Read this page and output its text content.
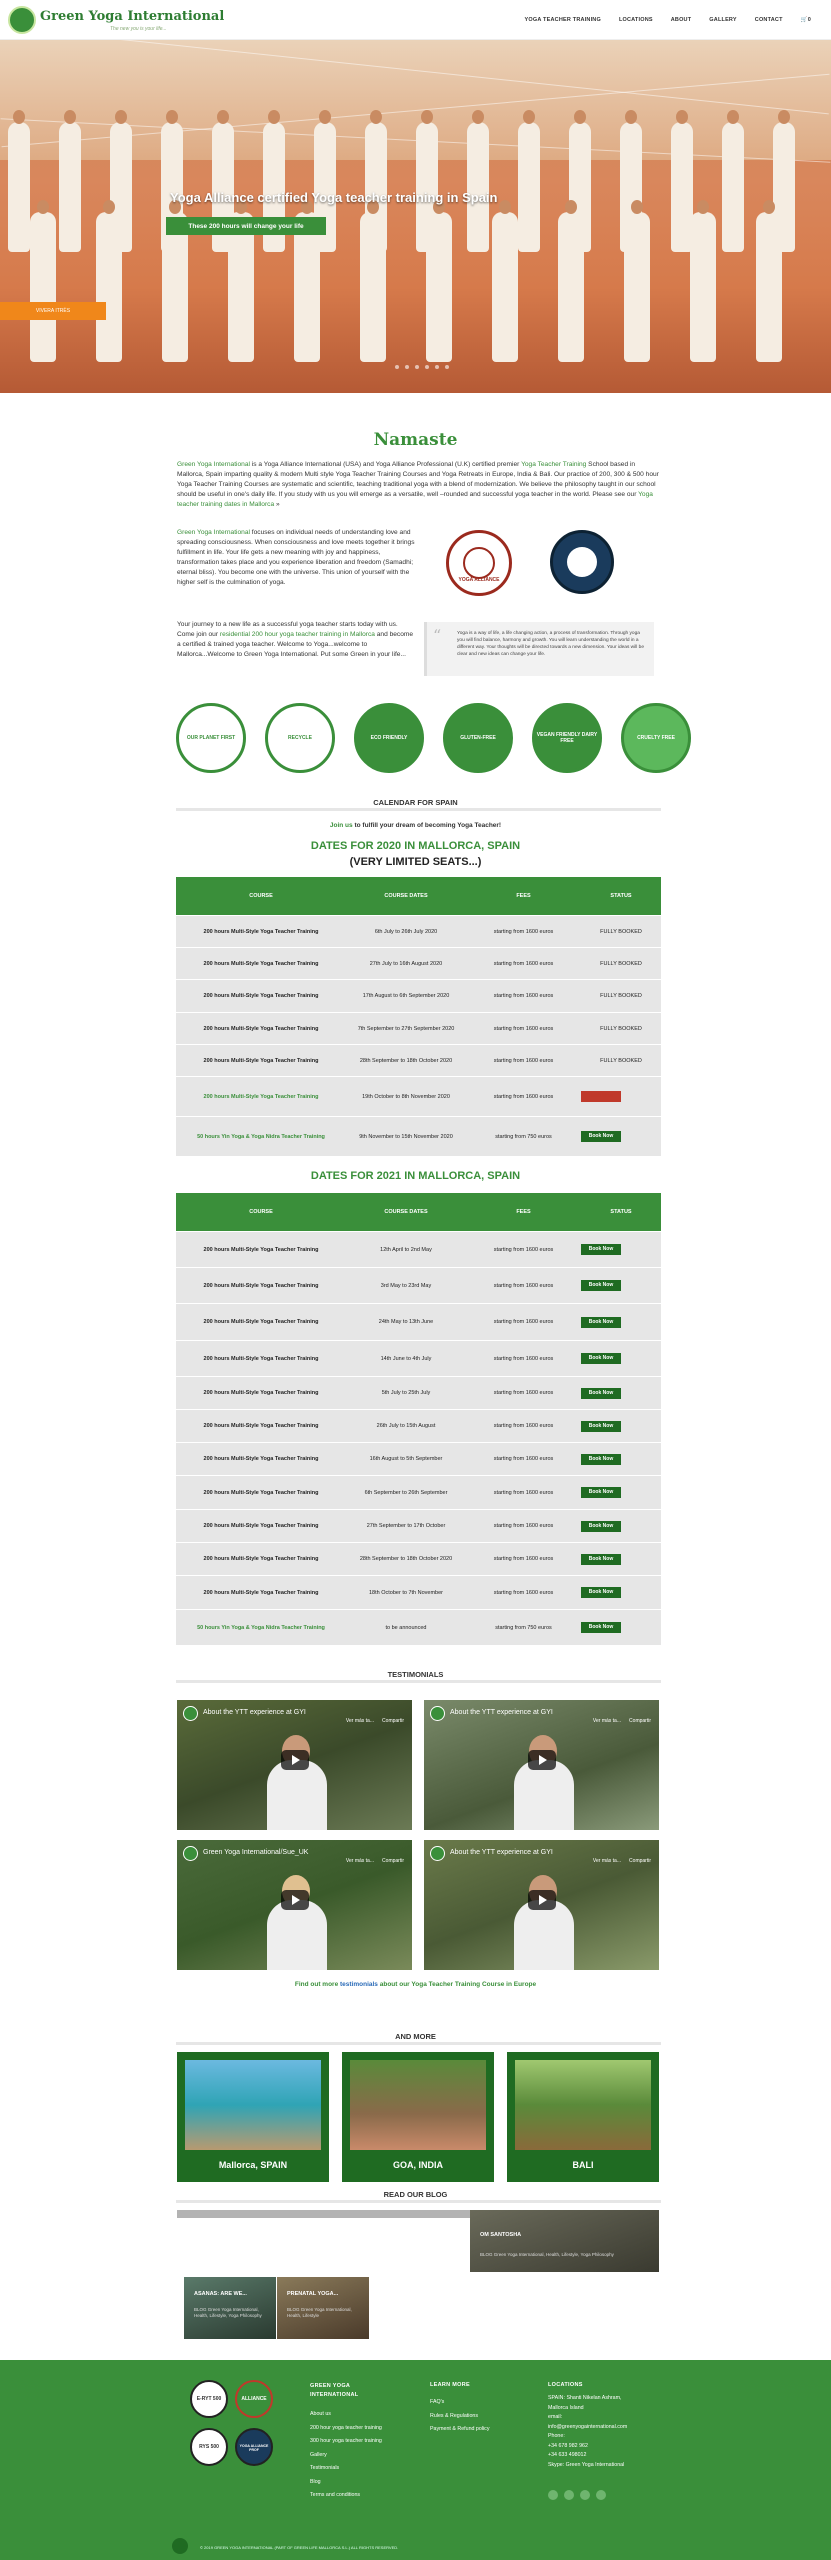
Green Yoga International
The new you is your life...
YOGA TEACHER TRAINING	LOCATIONS	ABOUT	GALLERY	CONTACT	🛒0
Yoga Alliance certified Yoga teacher training in Spain
These 200 hours will change your life
VIVERA ITRÈS
Namaste
Green Yoga International is a Yoga Alliance International (USA) and Yoga Alliance Professional (U.K) certified premier Yoga Teacher Training School based in Mallorca, Spain imparting quality & modern Multi style Yoga Teacher Training Courses and Yoga Retreats in Europe, India & Bali. Our practice of 200, 300 & 500 hour Yoga Teacher Training Courses are systematic and scientific, teaching traditional yoga with a blend of modernization. We believe the philosophy taught in our school should be useful in one's daily life. If you study with us you will emerge as a versatile, well –rounded and successful yoga teacher in the world. Please see our Yoga teacher training dates in Mallorca »
Green Yoga International focuses on individual needs of understanding love and spreading consciousness. When consciousness and love meets together it brings fulfillment in life. Your life gets a new meaning with joy and happiness, transformation takes place and you experience liberation and freedom (Samadhi; eternal bliss). You become one with the universe. This union of yourself with the higher self is the culmination of yoga.
Your journey to a new life as a successful yoga teacher starts today with us. Come join our residential 200 hour yoga teacher training in Mallorca and become a certified & trained yoga teacher. Welcome to Yoga...welcome to Mallorca...Welcome to Green Yoga International. Put some Green in your life...
YOGA ALLIANCE
“	Yoga is a way of life, a life changing action, a process of transformation. Through yoga you will find balance, harmony and growth. You will learn understanding the world in a different way. Your thoughts will be directed towards a new dimension. Your ideas will be clear and new ideas can change your life.
OUR PLANET FIRST	RECYCLE	ECO FRIENDLY	GLUTEN-FREE	VEGAN FRIENDLY DAIRY FREE	CRUELTY FREE
CALENDAR FOR SPAIN
Join us to fulfill your dream of becoming Yoga Teacher!
DATES FOR 2020 IN MALLORCA, SPAIN
(VERY LIMITED SEATS...)
COURSE	COURSE DATES	FEES	STATUS
200 hours Multi-Style Yoga Teacher Training	6th July to 26th July 2020	starting from 1600 euros	FULLY BOOKED
200 hours Multi-Style Yoga Teacher Training	27th July to 16th August 2020	starting from 1600 euros	FULLY BOOKED
200 hours Multi-Style Yoga Teacher Training	17th August to 6th September 2020	starting from 1600 euros	FULLY BOOKED
200 hours Multi-Style Yoga Teacher Training	7th September to 27th September 2020	starting from 1600 euros	FULLY BOOKED
200 hours Multi-Style Yoga Teacher Training	28th September to 18th October 2020	starting from 1600 euros	FULLY BOOKED
200 hours Multi-Style Yoga Teacher Training	19th October to 8th November 2020	starting from 1600 euros	Book Now
50 hours Yin Yoga & Yoga Nidra Teacher Training	9th November to 15th November 2020	starting from 750 euros	Book Now
DATES FOR 2021 IN MALLORCA, SPAIN
COURSE	COURSE DATES	FEES	STATUS
200 hours Multi-Style Yoga Teacher Training	12th April to 2nd May	starting from 1600 euros	Book Now
200 hours Multi-Style Yoga Teacher Training	3rd May to 23rd May	starting from 1600 euros	Book Now
200 hours Multi-Style Yoga Teacher Training	24th May to 13th June	starting from 1600 euros	Book Now
200 hours Multi-Style Yoga Teacher Training	14th June to 4th July	starting from 1600 euros	Book Now
200 hours Multi-Style Yoga Teacher Training	5th July to 25th July	starting from 1600 euros	Book Now
200 hours Multi-Style Yoga Teacher Training	26th July to 15th August	starting from 1600 euros	Book Now
200 hours Multi-Style Yoga Teacher Training	16th August to 5th September	starting from 1600 euros	Book Now
200 hours Multi-Style Yoga Teacher Training	6th September to 26th September	starting from 1600 euros	Book Now
200 hours Multi-Style Yoga Teacher Training	27th September to 17th October	starting from 1600 euros	Book Now
200 hours Multi-Style Yoga Teacher Training	28th September to 18th October 2020	starting from 1600 euros	Book Now
200 hours Multi-Style Yoga Teacher Training	18th October to 7th November	starting from 1600 euros	Book Now
50 hours Yin Yoga & Yoga Nidra Teacher Training	to be announced	starting from 750 euros	Book Now
TESTIMONIALS
About the YTT experience at GYI
Ver más ta... Compartir
About the YTT experience at GYI
Ver más ta... Compartir
Green Yoga International/Sue_UK
Ver más ta... Compartir
About the YTT experience at GYI
Ver más ta... Compartir
Find out more testimonials about our Yoga Teacher Training Course in Europe
AND MORE
Mallorca, SPAIN	GOA, INDIA	BALI
READ OUR BLOG
OM SANTOSHA
BLOG Green Yoga International, Health, Lifestyle, Yoga Philosophy
ASANAS: ARE WE...
BLOG Green Yoga International, Health, Lifestyle, Yoga Philosophy
PRENATAL YOGA...
BLOG Green Yoga International, Health, Lifestyle
E-RYT 500	ALLIANCE
RYS 500	YOGA ALLIANCE PROF
GREEN YOGA INTERNATIONAL
About us
200 hour yoga teacher training
300 hour yoga teacher training
Gallery
Testimonials
Blog
Terms and conditions
LEARN MORE
FAQ's
Rules & Regulations
Payment & Refund policy
LOCATIONS
SPAIN: Shanti Nikelan Ashram,
Mallorca Island
email:
info@greenyogainternational.com
Phone:
+34 678 982 962
+34 633 498012
Skype: Green Yoga International
© 2019 GREEN YOGA INTERNATIONAL (PART OF GREEN LIFE MALLORCA S.L.) ALL RIGHTS RESERVED.
